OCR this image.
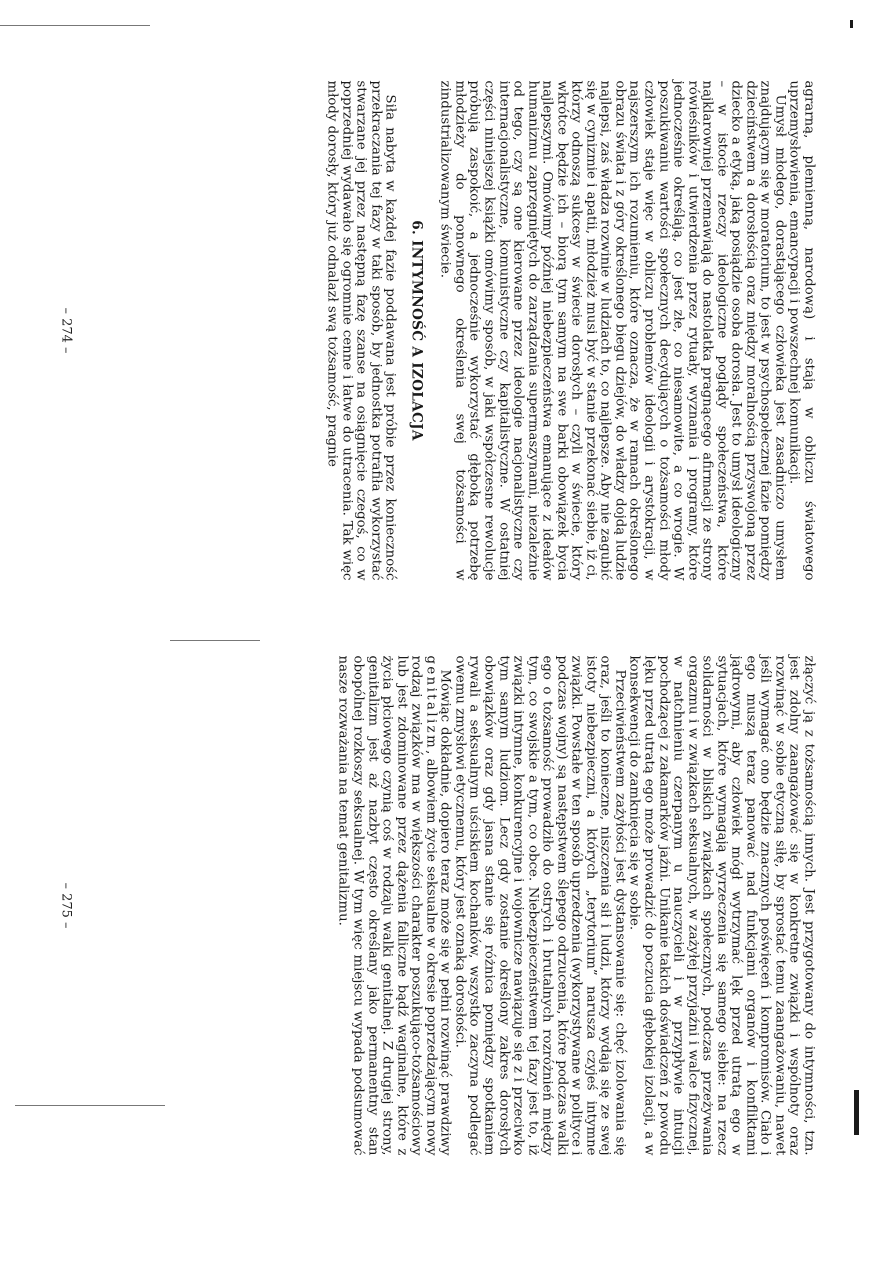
agrarną, plemienną, narodową) i stają w obliczu światowego uprzemysłowienia, emancypacji i powszechnej komunikacji.

Umysł młodego, dorastającego człowieka jest zasadniczo umysłem znajdującym się w moratorium, to jest w psychospołecznej fazie pomiędzy dzieciństwem a dorosłością oraz między moralnością przyswojoną przez dziecko a etyką, jaką posiądzie osoba dorosła. Jest to umysł ideologiczny – w istocie rzeczy ideologiczne poglądy społeczeństwa, które najklarowniej przemawiają do nastolatka pragnącego afirmacji ze strony rówieśników i utwierdzenia przez rytuały, wyznania i programy, które jednocześnie określają, co jest złe, co niesamowite, a co wrogie. W poszukiwaniu wartości społecznych decydujących o tożsamości młody człowiek staje więc w obliczu problemów ideologii i arystokracji, w najszerszym ich rozumieniu, które oznacza, że w ramach określonego obrazu świata i z góry określonego biegu dziejów, do władzy dojdą ludzie najlepsi, zaś władza rozwinie w ludziach to, co najlepsze. Aby nie zagubić się w cynizmie i apatii, młodzież musi być w stanie przekonać siebie, iż ci, którzy odnoszą sukcesy w świecie dorosłych – czyli w świecie, który wkrótce będzie ich – biorą tym samym na swe barki obowiązek bycia najlepszymi. Omówimy później niebezpieczeństwa emanujące z ideałów humanizmu zaprzęgniętych do zarządzania supermaszynami, niezależnie od tego, czy są one kierowane przez ideologie nacjonalistyczne czy internacjonalistyczne, komunistyczne czy kapitalistyczne. W ostatniej części niniejszej książki omówimy sposób, w jaki współczesne rewolucje próbują zaspokoić, a jednocześnie wykorzystać głęboką potrzebę młodzieży do ponownego określenia swej tożsamości w zindustrializowanym świecie.

6. INTYMNOŚĆ A IZOLACJA

Siła nabyta w każdej fazie poddawana jest próbie przez konieczność przekraczania tej fazy w taki sposób, by jednostka potrafiła wykorzystać stwarzane jej przez następną fazę szanse na osiągnięcie czegoś, co w poprzedniej wydawało się ogromnie cenne i łatwe do utracenia. Tak więc młody dorosły, który już odnalazł swą tożsamość, pragnie

– 274 –

złączyć ją z tożsamością innych. Jest przygotowany do intymności, tzn. jest zdolny zaangażować się w konkretne związki i wspólnoty oraz rozwinąć w sobie etyczną siłę, by sprostać temu zaangażowaniu, nawet jeśli wymagać ono będzie znacznych poświęceń i kompromisów. Ciało i ego muszą teraz panować nad funkcjami organów i konfliktami jądrowymi, aby człowiek mógł wytrzymać lęk przed utratą ego w sytuacjach, które wymagają wyrzeczenia się samego siebie: na rzecz solidarności w bliskich związkach społecznych, podczas przeżywania orgazmu i w związkach seksualnych, w zażyłej przyjaźni i walce fizycznej, w natchnieniu czerpanym u nauczycieli i w przypływie intuicji pochodzącej z zakamarków jaźni. Unikanie takich doświadczeń z powodu lęku przed utratą ego może prowadzić do poczucia głębokiej izolacji, a w konsekwencji do zamknięcia się w sobie.

Przeciwieństwem zażyłości jest dystansowanie się: chęć izolowania się oraz, jeśli to konieczne, niszczenia sił i ludzi, którzy wydają się ze swej istoty niebezpieczni, a których „terytorium” narusza czyjeś intymne związki. Powstałe w ten sposób uprzedzenia (wykorzystywane w polityce i podczas wojny) są następstwem ślepego odrzucenia, które podczas walki ego o tożsamość prowadziło do ostrych i brutalnych rozróżnień między tym, co swojskie a tym, co obce. Niebezpieczeństwem tej fazy jest to, iż związki intymne, konkurencyjne i wojownicze nawiązuje się z i przeciwko tym samym ludziom. Lecz gdy zostanie określony zakres dorosłych obowiązków oraz gdy jasna stanie się różnica pomiędzy spotkaniem rywali a seksualnym uściskiem kochanków, wszystko zaczyna podlegać owemu zmysłowi etycznemu, który jest oznaką dorosłości.

Mówiąc dokładnie, dopiero teraz może się w pełni rozwinąć prawdziwy genitalizm, albowiem życie seksualne w okresie poprzedzającym nowy rodzaj związków ma w większości charakter poszukująco-tożsamościowy lub jest zdominowane przez dążenia falliczne bądź waginalne, które z życia płciowego czynią coś w rodzaju walki genitalnej. Z drugiej strony, genitalizm jest aż nazbyt często określany jako permanentny stan obopólnej rozkoszy seksualnej. W tym więc miejscu wypada podsumować nasze rozważania na temat genitalizmu.

– 275 –
